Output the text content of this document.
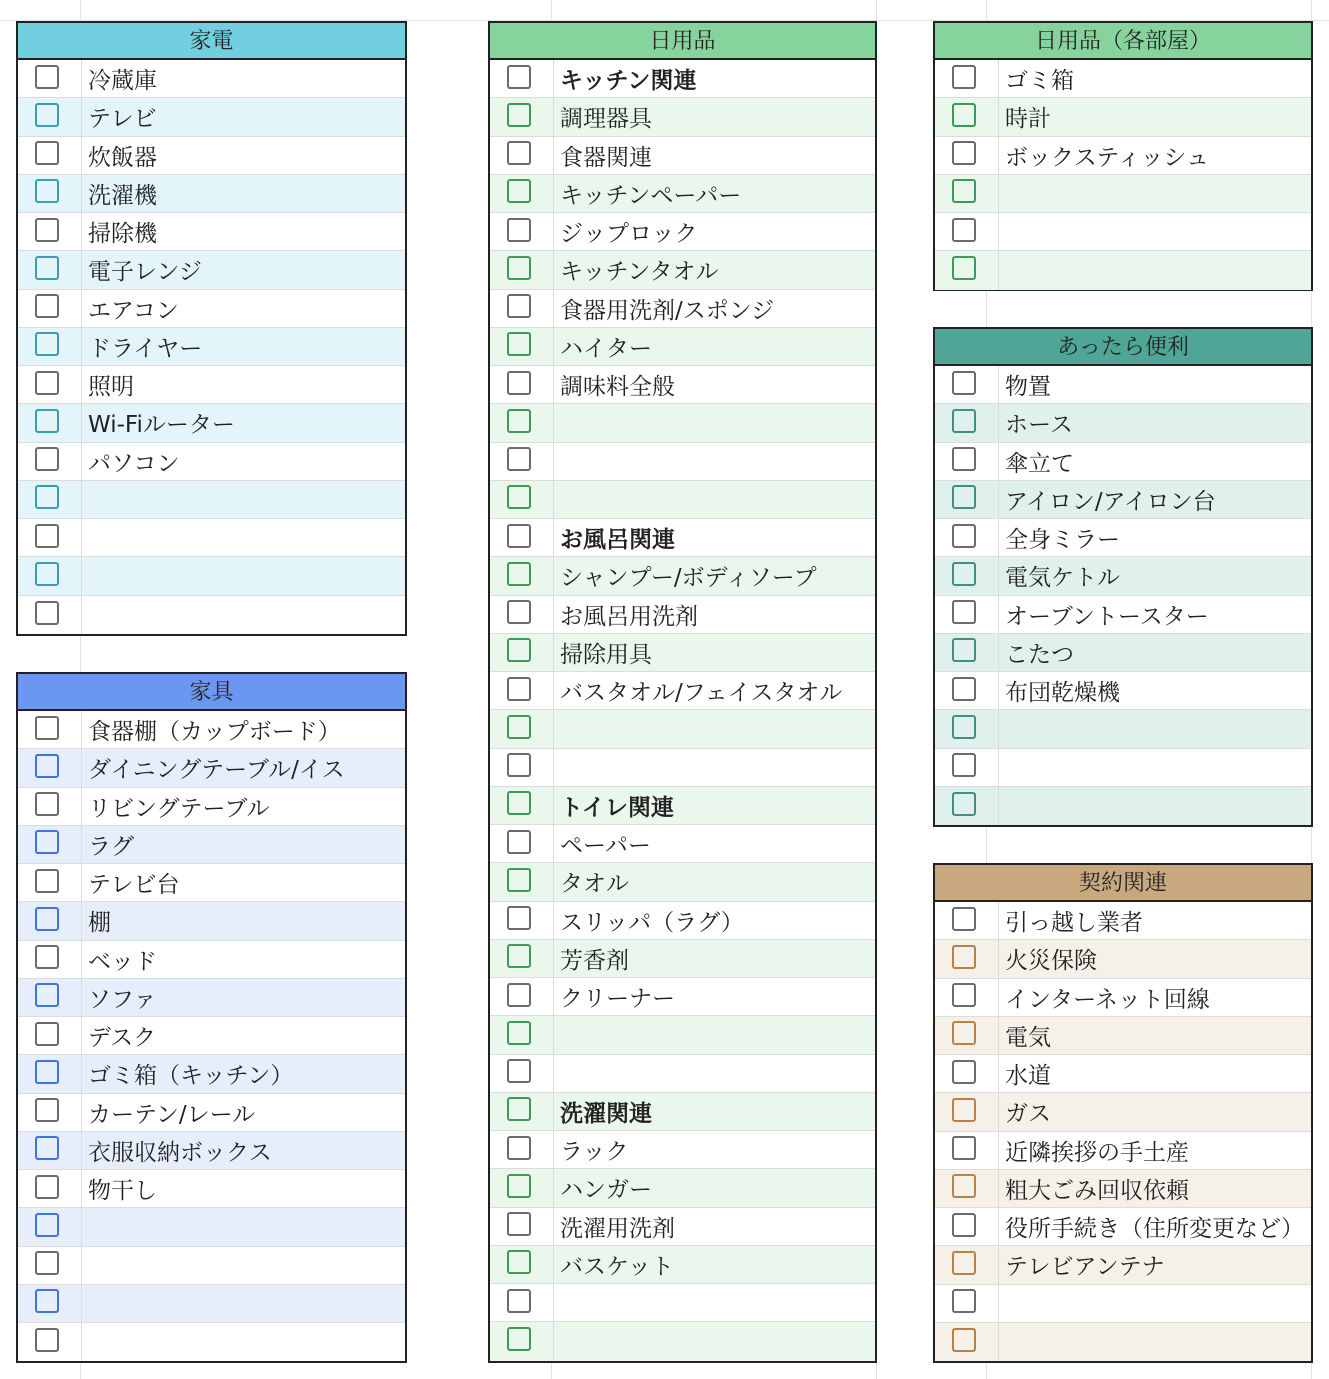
家電
冷蔵庫
テレビ
炊飯器
洗濯機
掃除機
電子レンジ
エアコン
ドライヤー
照明
Wi-Fiルーター
パソコン
家具
食器棚（カップボード）
ダイニングテーブル/イス
リビングテーブル
ラグ
テレビ台
棚
ベッド
ソファ
デスク
ゴミ箱（キッチン）
カーテン/レール
衣服収納ボックス
物干し
日用品
キッチン関連
調理器具
食器関連
キッチンペーパー
ジップロック
キッチンタオル
食器用洗剤/スポンジ
ハイター
調味料全般
お風呂関連
シャンプー/ボディソープ
お風呂用洗剤
掃除用具
バスタオル/フェイスタオル
トイレ関連
ペーパー
タオル
スリッパ（ラグ）
芳香剤
クリーナー
洗濯関連
ラック
ハンガー
洗濯用洗剤
バスケット
日用品（各部屋）
ゴミ箱
時計
ボックスティッシュ
あったら便利
物置
ホース
傘立て
アイロン/アイロン台
全身ミラー
電気ケトル
オーブントースター
こたつ
布団乾燥機
契約関連
引っ越し業者
火災保険
インターネット回線
電気
水道
ガス
近隣挨拶の手土産
粗大ごみ回収依頼
役所手続き（住所変更など）
テレビアンテナ
